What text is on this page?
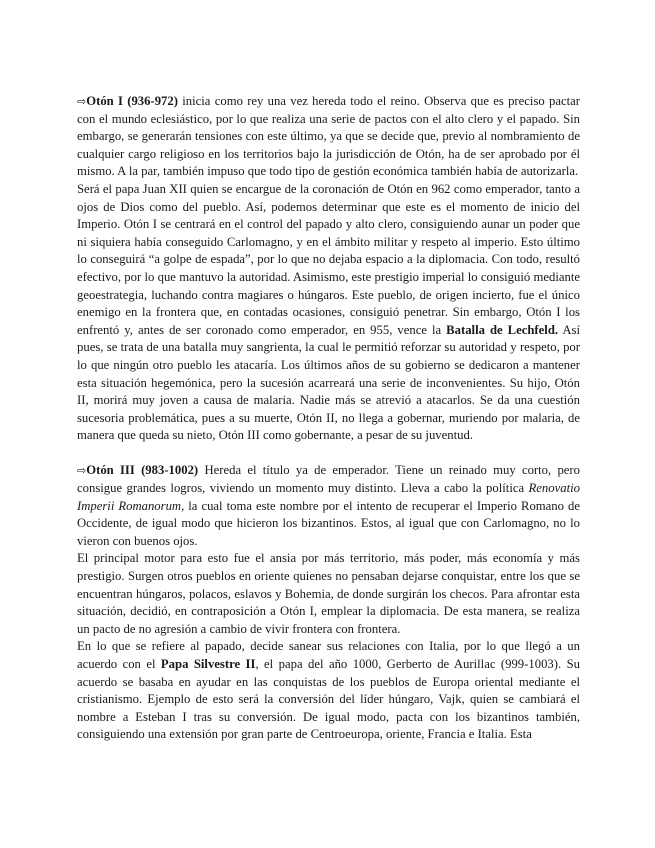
⇨Otón I (936-972) inicia como rey una vez hereda todo el reino. Observa que es preciso pactar con el mundo eclesiástico, por lo que realiza una serie de pactos con el alto clero y el papado. Sin embargo, se generarán tensiones con este último, ya que se decide que, previo al nombramiento de cualquier cargo religioso en los territorios bajo la jurisdicción de Otón, ha de ser aprobado por él mismo. A la par, también impuso que todo tipo de gestión económica también había de autorizarla.

Será el papa Juan XII quien se encargue de la coronación de Otón en 962 como emperador, tanto a ojos de Dios como del pueblo. Así, podemos determinar que este es el momento de inicio del Imperio. Otón I se centrará en el control del papado y alto clero, consiguiendo aunar un poder que ni siquiera había conseguido Carlomagno, y en el ámbito militar y respeto al imperio. Esto último lo conseguirá “a golpe de espada”, por lo que no dejaba espacio a la diplomacia. Con todo, resultó efectivo, por lo que mantuvo la autoridad. Asimismo, este prestigio imperial lo consiguió mediante geoestrategia, luchando contra magiares o húngaros. Este pueblo, de origen incierto, fue el único enemigo en la frontera que, en contadas ocasiones, consiguió penetrar. Sin embargo, Otón I los enfrentó y, antes de ser coronado como emperador, en 955, vence la Batalla de Lechfeld. Así pues, se trata de una batalla muy sangrienta, la cual le permitió reforzar su autoridad y respeto, por lo que ningún otro pueblo les atacaría. Los últimos años de su gobierno se dedicaron a mantener esta situación hegemónica, pero la sucesión acarreará una serie de inconvenientes. Su hijo, Otón II, morirá muy joven a causa de malaria. Nadie más se atrevió a atacarlos. Se da una cuestión sucesoria problemática, pues a su muerte, Otón II, no llega a gobernar, muriendo por malaria, de manera que queda su nieto, Otón III como gobernante, a pesar de su juventud.

⇨Otón III (983-1002) Hereda el título ya de emperador. Tiene un reinado muy corto, pero consigue grandes logros, viviendo un momento muy distinto. Lleva a cabo la política Renovatio Imperii Romanorum, la cual toma este nombre por el intento de recuperar el Imperio Romano de Occidente, de igual modo que hicieron los bizantinos. Estos, al igual que con Carlomagno, no lo vieron con buenos ojos.

El principal motor para esto fue el ansia por más territorio, más poder, más economía y más prestigio. Surgen otros pueblos en oriente quienes no pensaban dejarse conquistar, entre los que se encuentran húngaros, polacos, eslavos y Bohemia, de donde surgirán los checos. Para afrontar esta situación, decidió, en contraposición a Otón I, emplear la diplomacia. De esta manera, se realiza un pacto de no agresión a cambio de vivir frontera con frontera.

En lo que se refiere al papado, decide sanear sus relaciones con Italia, por lo que llegó a un acuerdo con el Papa Silvestre II, el papa del año 1000, Gerberto de Aurillac (999-1003). Su acuerdo se basaba en ayudar en las conquistas de los pueblos de Europa oriental mediante el cristianismo. Ejemplo de esto será la conversión del líder húngaro, Vajk, quien se cambiará el nombre a Esteban I tras su conversión. De igual modo, pacta con los bizantinos también, consiguiendo una extensión por gran parte de Centroeuropa, oriente, Francia e Italia. Esta
